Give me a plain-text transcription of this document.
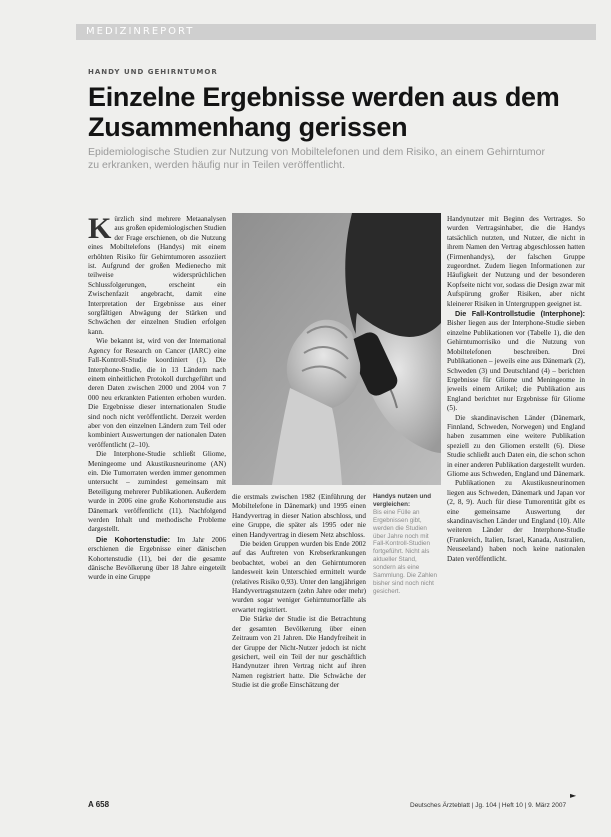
MEDIZINREPORT
HANDY UND GEHIRNTUMOR
Einzelne Ergebnisse werden aus dem Zusammenhang gerissen
Epidemiologische Studien zur Nutzung von Mobiltelefonen und dem Risiko, an einem Gehirntumor zu erkranken, werden häufig nur in Teilen veröffentlicht.
K ürzlich sind mehrere Metaanalysen aus großen epidemiologischen Studien der Frage erschienen, ob die Nutzung eines Mobiltelefons (Handys) mit einem erhöhten Risiko für Gehirntumoren assoziiert ist. Aufgrund der großen Medienecho mit teilweise widersprüchlichen Schlussfolgerungen, erscheint ein Zwischenfazit angebracht, damit eine Interpretation der Ergebnisse aus einer sorgfältigen Abwägung der Stärken und Schwächen der einzelnen Studien erfolgen kann.

Wie bekannt ist, wird von der International Agency for Research on Cancer (IARC) eine Fall-Kontroll-Studie koordiniert (1). Die Interphone-Studie, die in 13 Ländern nach einem einheitlichen Protokoll durchgeführt und deren Daten zwischen 2000 und 2004 von 7 000 neu erkrankten Patienten erhoben wurden. Die Ergebnisse dieser internationalen Studie sind noch nicht veröffentlicht. Derzeit werden aber von den einzelnen Ländern zum Teil oder kombiniert Auswertungen der nationalen Daten veröffentlicht (2–10).

Die Interphone-Studie schließt Gliome, Meningeome und Akustikusneurinome (AN) ein. Die Tumorraten werden immer genommen untersucht – zumindest gemeinsam mit Beteiligung mehrerer Publikationen. Außerdem wurde in 2006 eine große Kohortenstudie aus Dänemark veröffentlicht (11). Nachfolgend werden Inhalt und methodische Probleme dargestellt.

Die Kohortenstudie: Im Jahr 2006 erschienen die Ergebnisse einer dänischen Kohortenstudie (11), bei der die gesamte dänische Bevölkerung über 18 Jahre eingeteilt wurde in eine Gruppe

die erstmals zwischen 1982 (Einführung der Mobiltelefone in Dänemark) und 1995 einen Handyvertrag in dieser Nation abschloss, und eine Gruppe, die später als 1995 oder nie einen Handyvertrag in diesem Netz abschloss.

Die beiden Gruppen wurden bis Ende 2002 auf das Auftreten von Krebserkrankungen beobachtet, wobei an den Gehirntumoren landesweit kein Unterschied ermittelt wurde (relatives Risiko 0,93). Unter den langjährigen Handyvertragsnutzern (zehn Jahre oder mehr) wurden sogar weniger Gehirntumorfälle als erwartet registriert.

Die Stärke der Studie ist die Betrachtung der gesamten Bevölkerung über einen Zeitraum von 21 Jahren. Die Handyfreiheit in der Gruppe der Nicht-Nutzer jedoch ist nicht gesichert, weil ein Teil der nur geschäftlich Handynutzer ihren Vertrag nicht auf ihren Namen registriert hatte. Die Schwäche der Studie ist die große Einschätzung der

Handys nutzen und vergleichen:
Bis eine Fülle an Ergebnissen gibt, werden die Studien über Jahre noch mit Fall-Kontroll-Studien fortgeführt. Nicht als aktueller Stand, sondern als eine Sammlung. Die Zahlen bisher sind noch nicht gesichert.

Handynutzer mit Beginn des Vertrages. So wurden Vertragsinhaber, die die Handys tatsächlich nutzten, und Nutzer, die nicht in ihrem Namen den Vertrag abgeschlossen hatten (Firmenhandys), der falschen Gruppe zugeordnet. Zudem liegen Informationen zur Häufigkeit der Nutzung und der besonderen Kopfseite nicht vor, sodass die Design zwar mit Aufspürung großer Risiken, aber nicht kleinerer Risiken in Untergruppen geeignet ist.

Die Fall-Kontrollstudie (Interphone): Bisher liegen aus der Interphone-Studie sieben einzelne Publikationen vor (Tabelle 1), die den Gehirntumorrisiko und die Nutzung von Mobiltelefonen beschreiben. Drei Publikationen – jeweils eine aus Dänemark (2), Schweden (3) und Deutschland (4) – berichten Ergebnisse für Gliome und Meningeome in jeweils einem Artikel; die Publikation aus England berichtet nur Ergebnisse für Gliome (5).

Die skandinavischen Länder (Dänemark, Finnland, Schweden, Norwegen) und England haben zusammen eine weitere Publikation speziell zu den Gliomen erstellt (6). Diese Studie schließt auch Daten ein, die schon schon in einer anderen Publikation dargestellt wurden. Gliome aus Schweden, England und Dänemark.

Publikationen zu Akustikusneurinomen liegen aus Schweden, Dänemark und Japan vor (2, 8, 9). Auch für diese Tumorentität gibt es eine gemeinsame Auswertung der skandinavischen Länder und England (10). Alle weiteren Länder der Interphone-Studie (Frankreich, Italien, Israel, Kanada, Australien, Neuseeland) haben noch keine nationalen Daten veröffentlicht.

►
A 658	Deutsches Ärzteblatt | Jg. 104 | Heft 10 | 9. März 2007
